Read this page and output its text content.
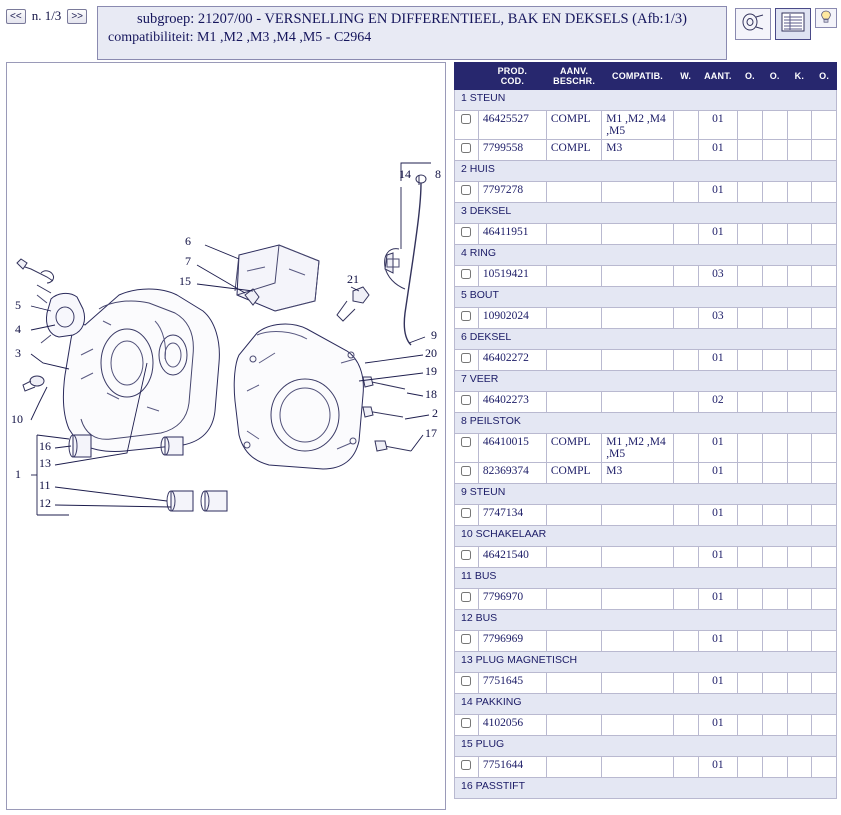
<< n. 1/3	>>	subgroep: 21207/00 - VERSNELLING EN DIFFERENTIEEL, BAK EN DEKSELS (Afb:1/3)
compatibiliteit: M1 ,M2 ,M3 ,M4 ,M5 - C2964
14 8
6
7
15	21
5
4
3
9
20
19
18
2
17
10
16
13
1
11
12
	PROD.
COD.	AANV.
BESCHR.	COMPATIB.	W.	AANT.	O.	O.	K.	O.
1 STEUN									
	46425527	COMPL	M1 ,M2 ,M4 ,M5		01				
	7799558	COMPL	M3		01				
2 HUIS									
	7797278				01				
3 DEKSEL									
	46411951				01				
4 RING									
	10519421				03				
5 BOUT									
	10902024				03				
6 DEKSEL									
	46402272				01				
7 VEER									
	46402273				02				
8 PEILSTOK									
	46410015	COMPL	M1 ,M2 ,M4 ,M5		01				
	82369374	COMPL	M3		01				
9 STEUN									
	7747134				01				
10 SCHAKELAAR									
	46421540				01				
11 BUS									
	7796970				01				
12 BUS									
	7796969				01				
13 PLUG MAGNETISCH									
	7751645				01				
14 PAKKING									
	4102056				01				
15 PLUG									
	7751644				01				
16 PASSTIFT									
